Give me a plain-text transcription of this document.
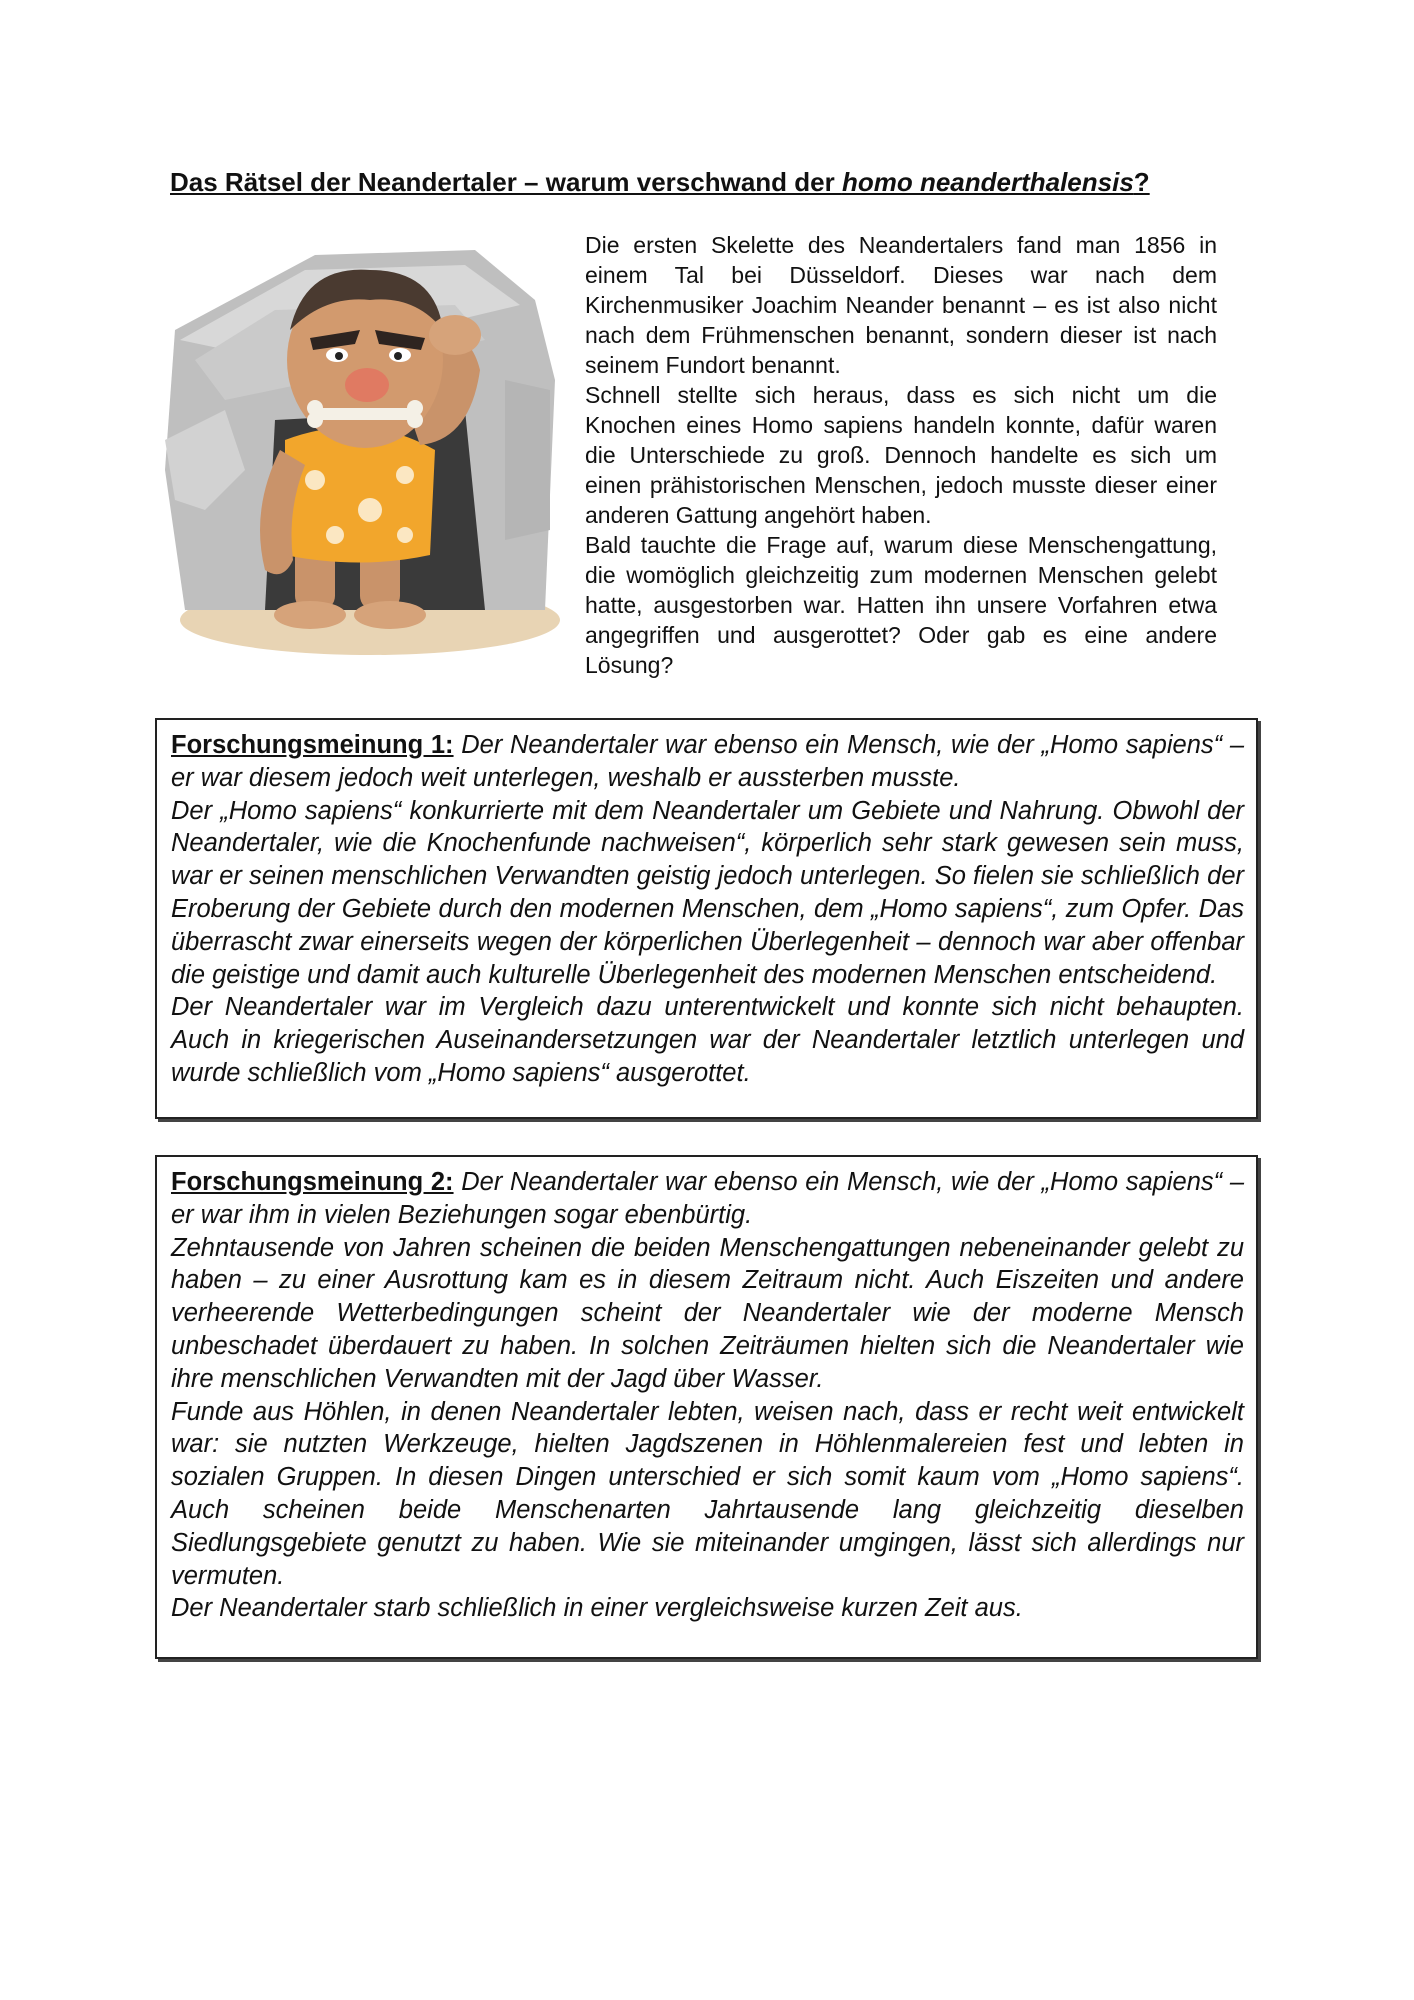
Das Rätsel der Neandertaler – warum verschwand der homo neanderthalensis?

Die ersten Skelette des Neandertalers fand man 1856 in einem Tal bei Düsseldorf. Dieses war nach dem Kirchenmusiker Joachim Neander benannt – es ist also nicht nach dem Frühmenschen benannt, sondern dieser ist nach seinem Fundort benannt.

Schnell stellte sich heraus, dass es sich nicht um die Knochen eines Homo sapiens handeln konnte, dafür waren die Unterschiede zu groß. Dennoch handelte es sich um einen prähistorischen Menschen, jedoch musste dieser einer anderen Gattung angehört haben.

Bald tauchte die Frage auf, warum diese Menschengattung, die womöglich gleichzeitig zum modernen Menschen gelebt hatte, ausgestorben war. Hatten ihn unsere Vorfahren etwa angegriffen und ausgerottet? Oder gab es eine andere Lösung?

Forschungsmeinung 1: Der Neandertaler war ebenso ein Mensch, wie der „Homo sapiens“ – er war diesem jedoch weit unterlegen, weshalb er aussterben musste.

Der „Homo sapiens“ konkurrierte mit dem Neandertaler um Gebiete und Nahrung. Obwohl der Neandertaler, wie die Knochenfunde nachweisen“, körperlich sehr stark gewesen sein muss, war er seinen menschlichen Verwandten geistig jedoch unterlegen. So fielen sie schließlich der Eroberung der Gebiete durch den modernen Menschen, dem „Homo sapiens“, zum Opfer. Das überrascht zwar einerseits wegen der körperlichen Überlegenheit – dennoch war aber offenbar die geistige und damit auch kulturelle Überlegenheit des modernen Menschen entscheidend.

Der Neandertaler war im Vergleich dazu unterentwickelt und konnte sich nicht behaupten. Auch in kriegerischen Auseinandersetzungen war der Neandertaler letztlich unterlegen und wurde schließlich vom „Homo sapiens“ ausgerottet.

Forschungsmeinung 2: Der Neandertaler war ebenso ein Mensch, wie der „Homo sapiens“ – er war ihm in vielen Beziehungen sogar ebenbürtig.

Zehntausende von Jahren scheinen die beiden Menschengattungen nebeneinander gelebt zu haben – zu einer Ausrottung kam es in diesem Zeitraum nicht. Auch Eiszeiten und andere verheerende Wetterbedingungen scheint der Neandertaler wie der moderne Mensch unbeschadet überdauert zu haben. In solchen Zeiträumen hielten sich die Neandertaler wie ihre menschlichen Verwandten mit der Jagd über Wasser.

Funde aus Höhlen, in denen Neandertaler lebten, weisen nach, dass er recht weit entwickelt war: sie nutzten Werkzeuge, hielten Jagdszenen in Höhlenmalereien fest und lebten in sozialen Gruppen. In diesen Dingen unterschied er sich somit kaum vom „Homo sapiens“. Auch scheinen beide Menschenarten Jahrtausende lang gleichzeitig dieselben Siedlungsgebiete genutzt zu haben. Wie sie miteinander umgingen, lässt sich allerdings nur vermuten.

Der Neandertaler starb schließlich in einer vergleichsweise kurzen Zeit aus.
